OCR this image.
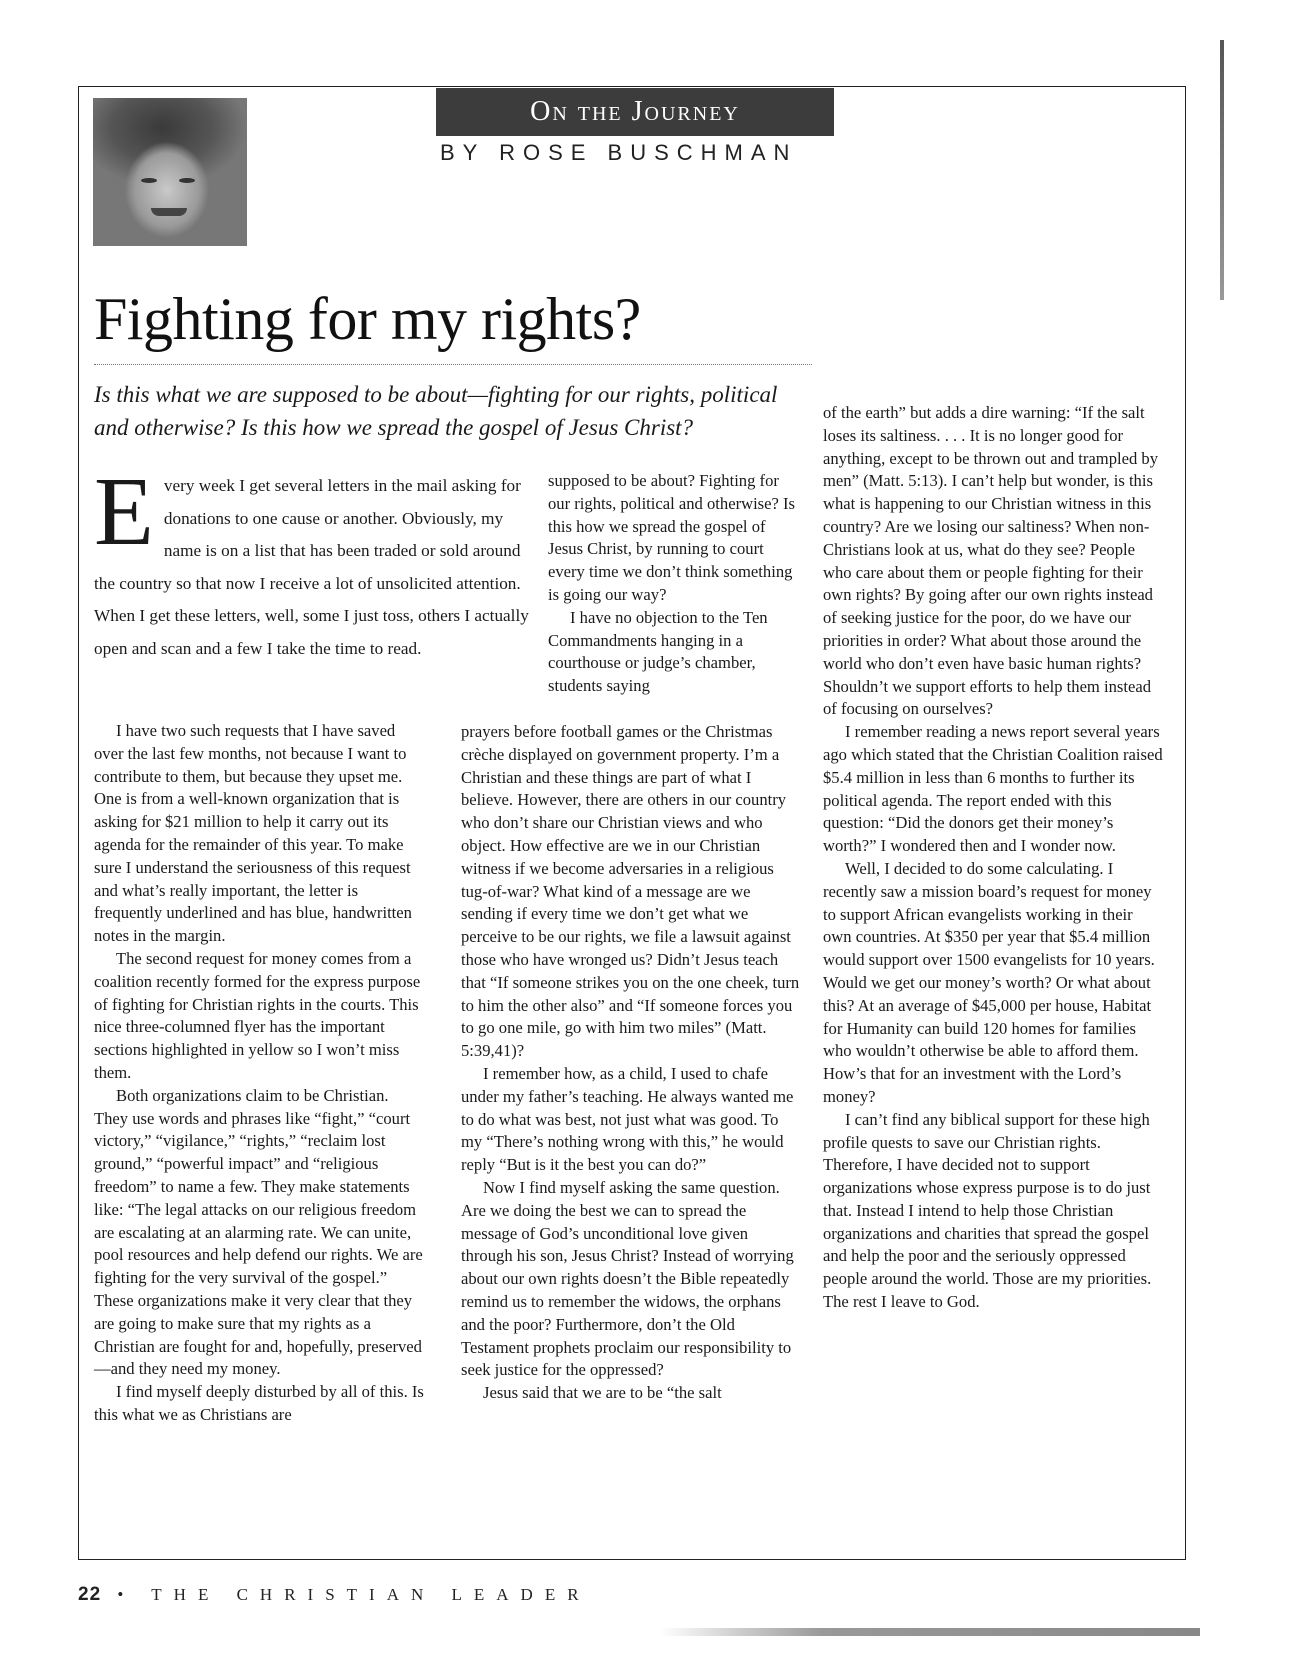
On the Journey
BY ROSE BUSCHMAN
Fighting for my rights?

Is this what we are supposed to be about—fighting for our rights, political and otherwise? Is this how we spread the gospel of Jesus Christ?

E very week I get several letters in the mail asking for donations to one cause or another. Obviously, my name is on a list that has been traded or sold around the country so that now I receive a lot of unsolicited attention. When I get these letters, well, some I just toss, others I actually open and scan and a few I take the time to read.

I have two such requests that I have saved over the last few months, not because I want to contribute to them, but because they upset me. One is from a well-known organization that is asking for $21 million to help it carry out its agenda for the remainder of this year. To make sure I understand the seriousness of this request and what’s really important, the letter is frequently underlined and has blue, handwritten notes in the margin.

The second request for money comes from a coalition recently formed for the express purpose of fighting for Christian rights in the courts. This nice three-columned flyer has the important sections highlighted in yellow so I won’t miss them.

Both organizations claim to be Christian. They use words and phrases like “fight,” “court victory,” “vigilance,” “rights,” “reclaim lost ground,” “powerful impact” and “religious freedom” to name a few. They make statements like: “The legal attacks on our religious freedom are escalating at an alarming rate. We can unite, pool resources and help defend our rights. We are fighting for the very survival of the gospel.” These organizations make it very clear that they are going to make sure that my rights as a Christian are fought for and, hopefully, preserved—and they need my money.

I find myself deeply disturbed by all of this. Is this what we as Christians are

supposed to be about? Fighting for our rights, political and otherwise? Is this how we spread the gospel of Jesus Christ, by running to court every time we don’t think something is going our way?

I have no objection to the Ten Commandments hanging in a courthouse or judge’s chamber, students saying

prayers before football games or the Christmas crèche displayed on government property. I’m a Christian and these things are part of what I believe. However, there are others in our country who don’t share our Christian views and who object. How effective are we in our Christian witness if we become adversaries in a religious tug-of-war? What kind of a message are we sending if every time we don’t get what we perceive to be our rights, we file a lawsuit against those who have wronged us? Didn’t Jesus teach that “If someone strikes you on the one cheek, turn to him the other also” and “If someone forces you to go one mile, go with him two miles” (Matt. 5:39,41)?

I remember how, as a child, I used to chafe under my father’s teaching. He always wanted me to do what was best, not just what was good. To my “There’s nothing wrong with this,” he would reply “But is it the best you can do?”

Now I find myself asking the same question. Are we doing the best we can to spread the message of God’s unconditional love given through his son, Jesus Christ? Instead of worrying about our own rights doesn’t the Bible repeatedly remind us to remember the widows, the orphans and the poor? Furthermore, don’t the Old Testament prophets proclaim our responsibility to seek justice for the oppressed?

Jesus said that we are to be “the salt

of the earth” but adds a dire warning: “If the salt loses its saltiness. . . . It is no longer good for anything, except to be thrown out and trampled by men” (Matt. 5:13). I can’t help but wonder, is this what is happening to our Christian witness in this country? Are we losing our saltiness? When non-Christians look at us, what do they see? People who care about them or people fighting for their own rights? By going after our own rights instead of seeking justice for the poor, do we have our priorities in order? What about those around the world who don’t even have basic human rights? Shouldn’t we support efforts to help them instead of focusing on ourselves?

I remember reading a news report several years ago which stated that the Christian Coalition raised $5.4 million in less than 6 months to further its political agenda. The report ended with this question: “Did the donors get their money’s worth?” I wondered then and I wonder now.

Well, I decided to do some calculating. I recently saw a mission board’s request for money to support African evangelists working in their own countries. At $350 per year that $5.4 million would support over 1500 evangelists for 10 years. Would we get our money’s worth? Or what about this? At an average of $45,000 per house, Habitat for Humanity can build 120 homes for families who wouldn’t otherwise be able to afford them. How’s that for an investment with the Lord’s money?

I can’t find any biblical support for these high profile quests to save our Christian rights. Therefore, I have decided not to support organizations whose express purpose is to do just that. Instead I intend to help those Christian organizations and charities that spread the gospel and help the poor and the seriously oppressed people around the world. Those are my priorities. The rest I leave to God.

22 • THE CHRISTIAN LEADER
